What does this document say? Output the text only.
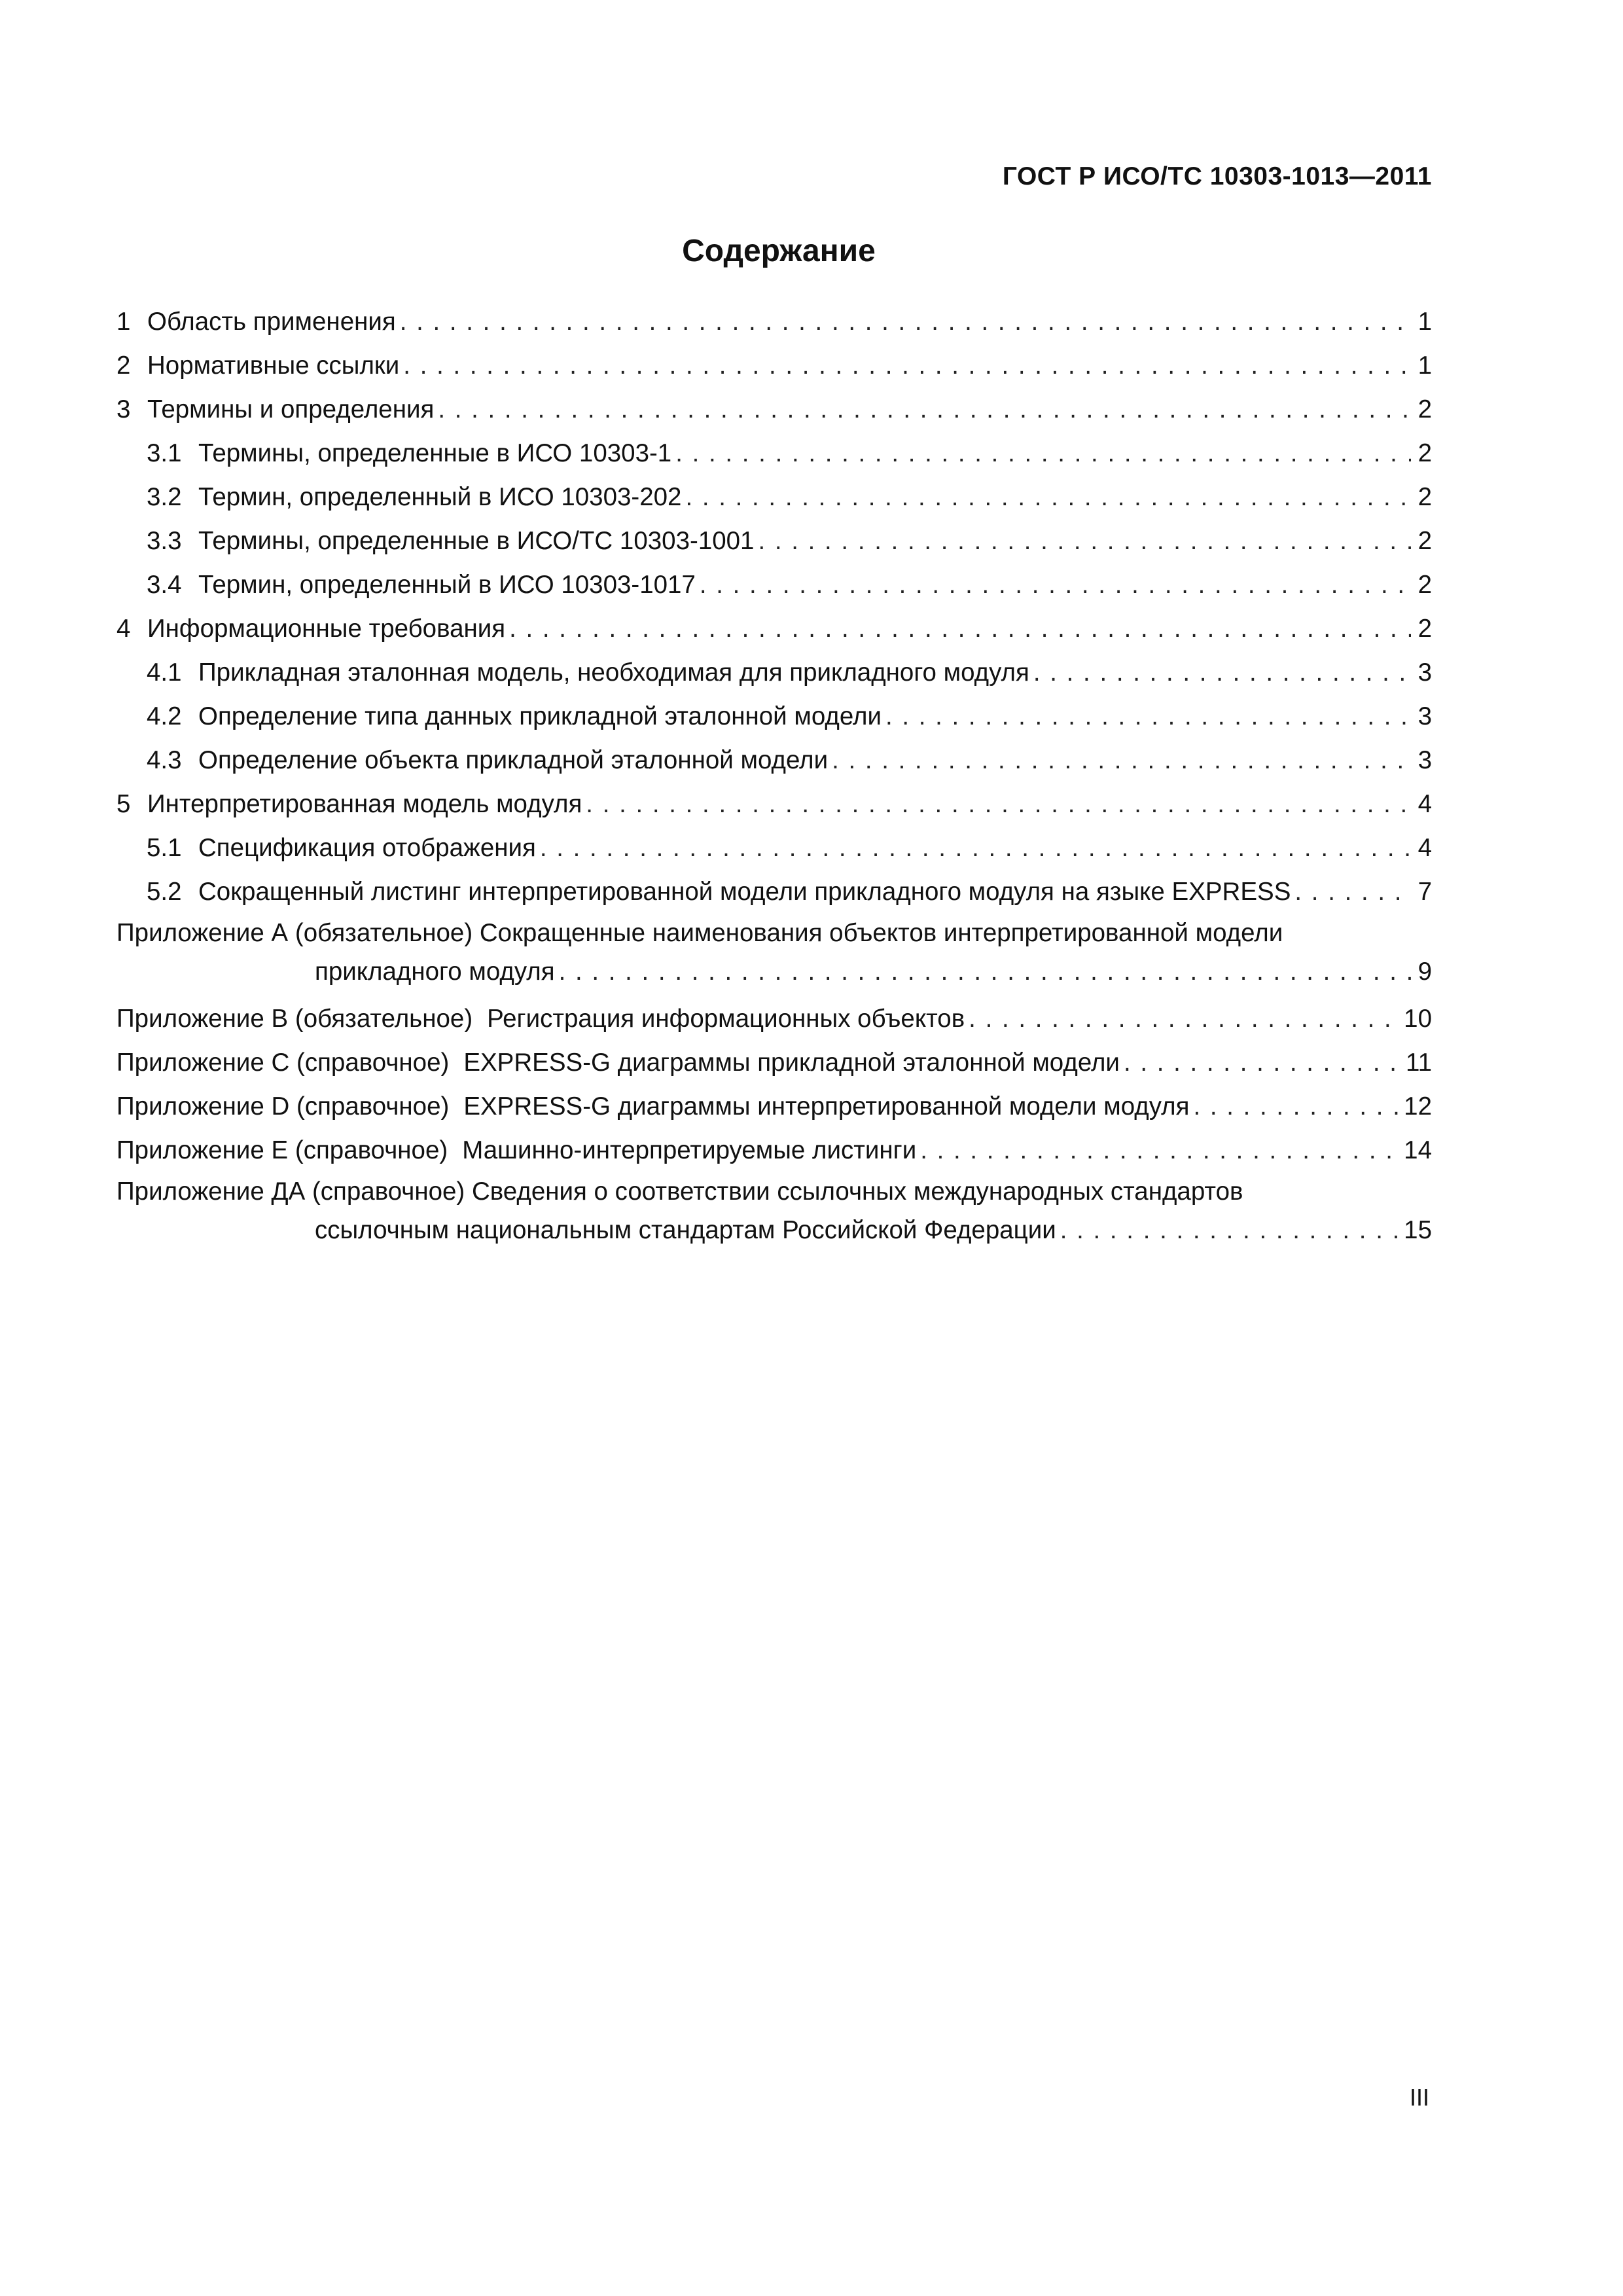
ГОСТ Р ИСО/ТС 10303-1013—2011
Содержание
1 Область применения . . .	1
2 Нормативные ссылки . . .	1
3 Термины и определения . . .	2
3.1 Термины, определенные в ИСО 10303-1 . . .	2
3.2 Термин, определенный в ИСО 10303-202 . . .	2
3.3 Термины, определенные в ИСО/ТС 10303-1001 . . .	2
3.4 Термин, определенный в ИСО 10303-1017 . . .	2
4 Информационные требования . . .	2
4.1 Прикладная эталонная модель, необходимая для прикладного модуля . . .	3
4.2 Определение типа данных прикладной эталонной модели . . .	3
4.3 Определение объекта прикладной эталонной модели . . .	3
5 Интерпретированная модель модуля . . .	4
5.1 Спецификация отображения . . .	4
5.2 Сокращенный листинг интерпретированной модели прикладного модуля на языке EXPRESS . . .	7
Приложение А (обязательное) Сокращенные наименования объектов интерпретированной модели
прикладного модуля . . .	9
Приложение В (обязательное) Регистрация информационных объектов . . .	10
Приложение С (справочное) EXPRESS-G диаграммы прикладной эталонной модели . . .	11
Приложение D (справочное) EXPRESS-G диаграммы интерпретированной модели модуля . . .	12
Приложение Е (справочное) Машинно-интерпретируемые листинги . . .	14
Приложение ДА (справочное) Сведения о соответствии ссылочных международных стандартов
ссылочным национальным стандартам Российской Федерации . . .	15
III
